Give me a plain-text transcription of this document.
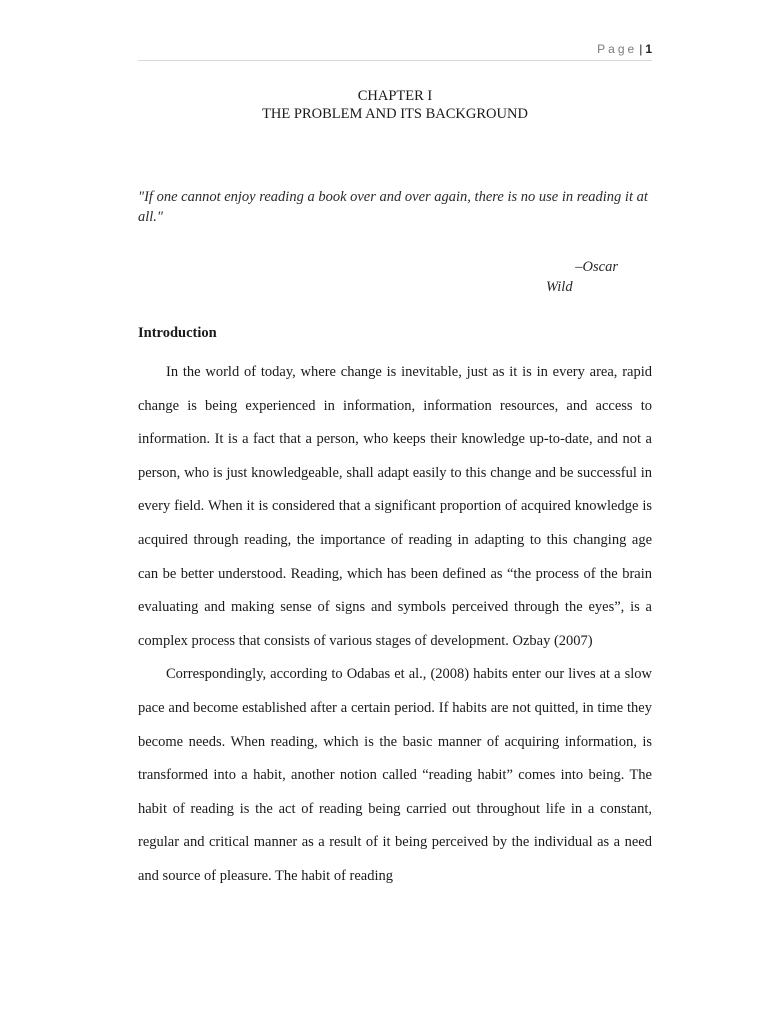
Page | 1
CHAPTER I
THE PROBLEM AND ITS BACKGROUND
"If one cannot enjoy reading a book over and over again, there is no use in reading it at all."
–Oscar
Wild
Introduction

In the world of today, where change is inevitable, just as it is in every area, rapid change is being experienced in information, information resources, and access to information. It is a fact that a person, who keeps their knowledge up-to-date, and not a person, who is just knowledgeable, shall adapt easily to this change and be successful in every field. When it is considered that a significant proportion of acquired knowledge is acquired through reading, the importance of reading in adapting to this changing age can be better understood. Reading, which has been defined as “the process of the brain evaluating and making sense of signs and symbols perceived through the eyes”, is a complex process that consists of various stages of development. Ozbay (2007)

Correspondingly, according to Odabas et al., (2008) habits enter our lives at a slow pace and become established after a certain period. If habits are not quitted, in time they become needs. When reading, which is the basic manner of acquiring information, is transformed into a habit, another notion called “reading habit” comes into being. The habit of reading is the act of reading being carried out throughout life in a constant, regular and critical manner as a result of it being perceived by the individual as a need and source of pleasure. The habit of reading
